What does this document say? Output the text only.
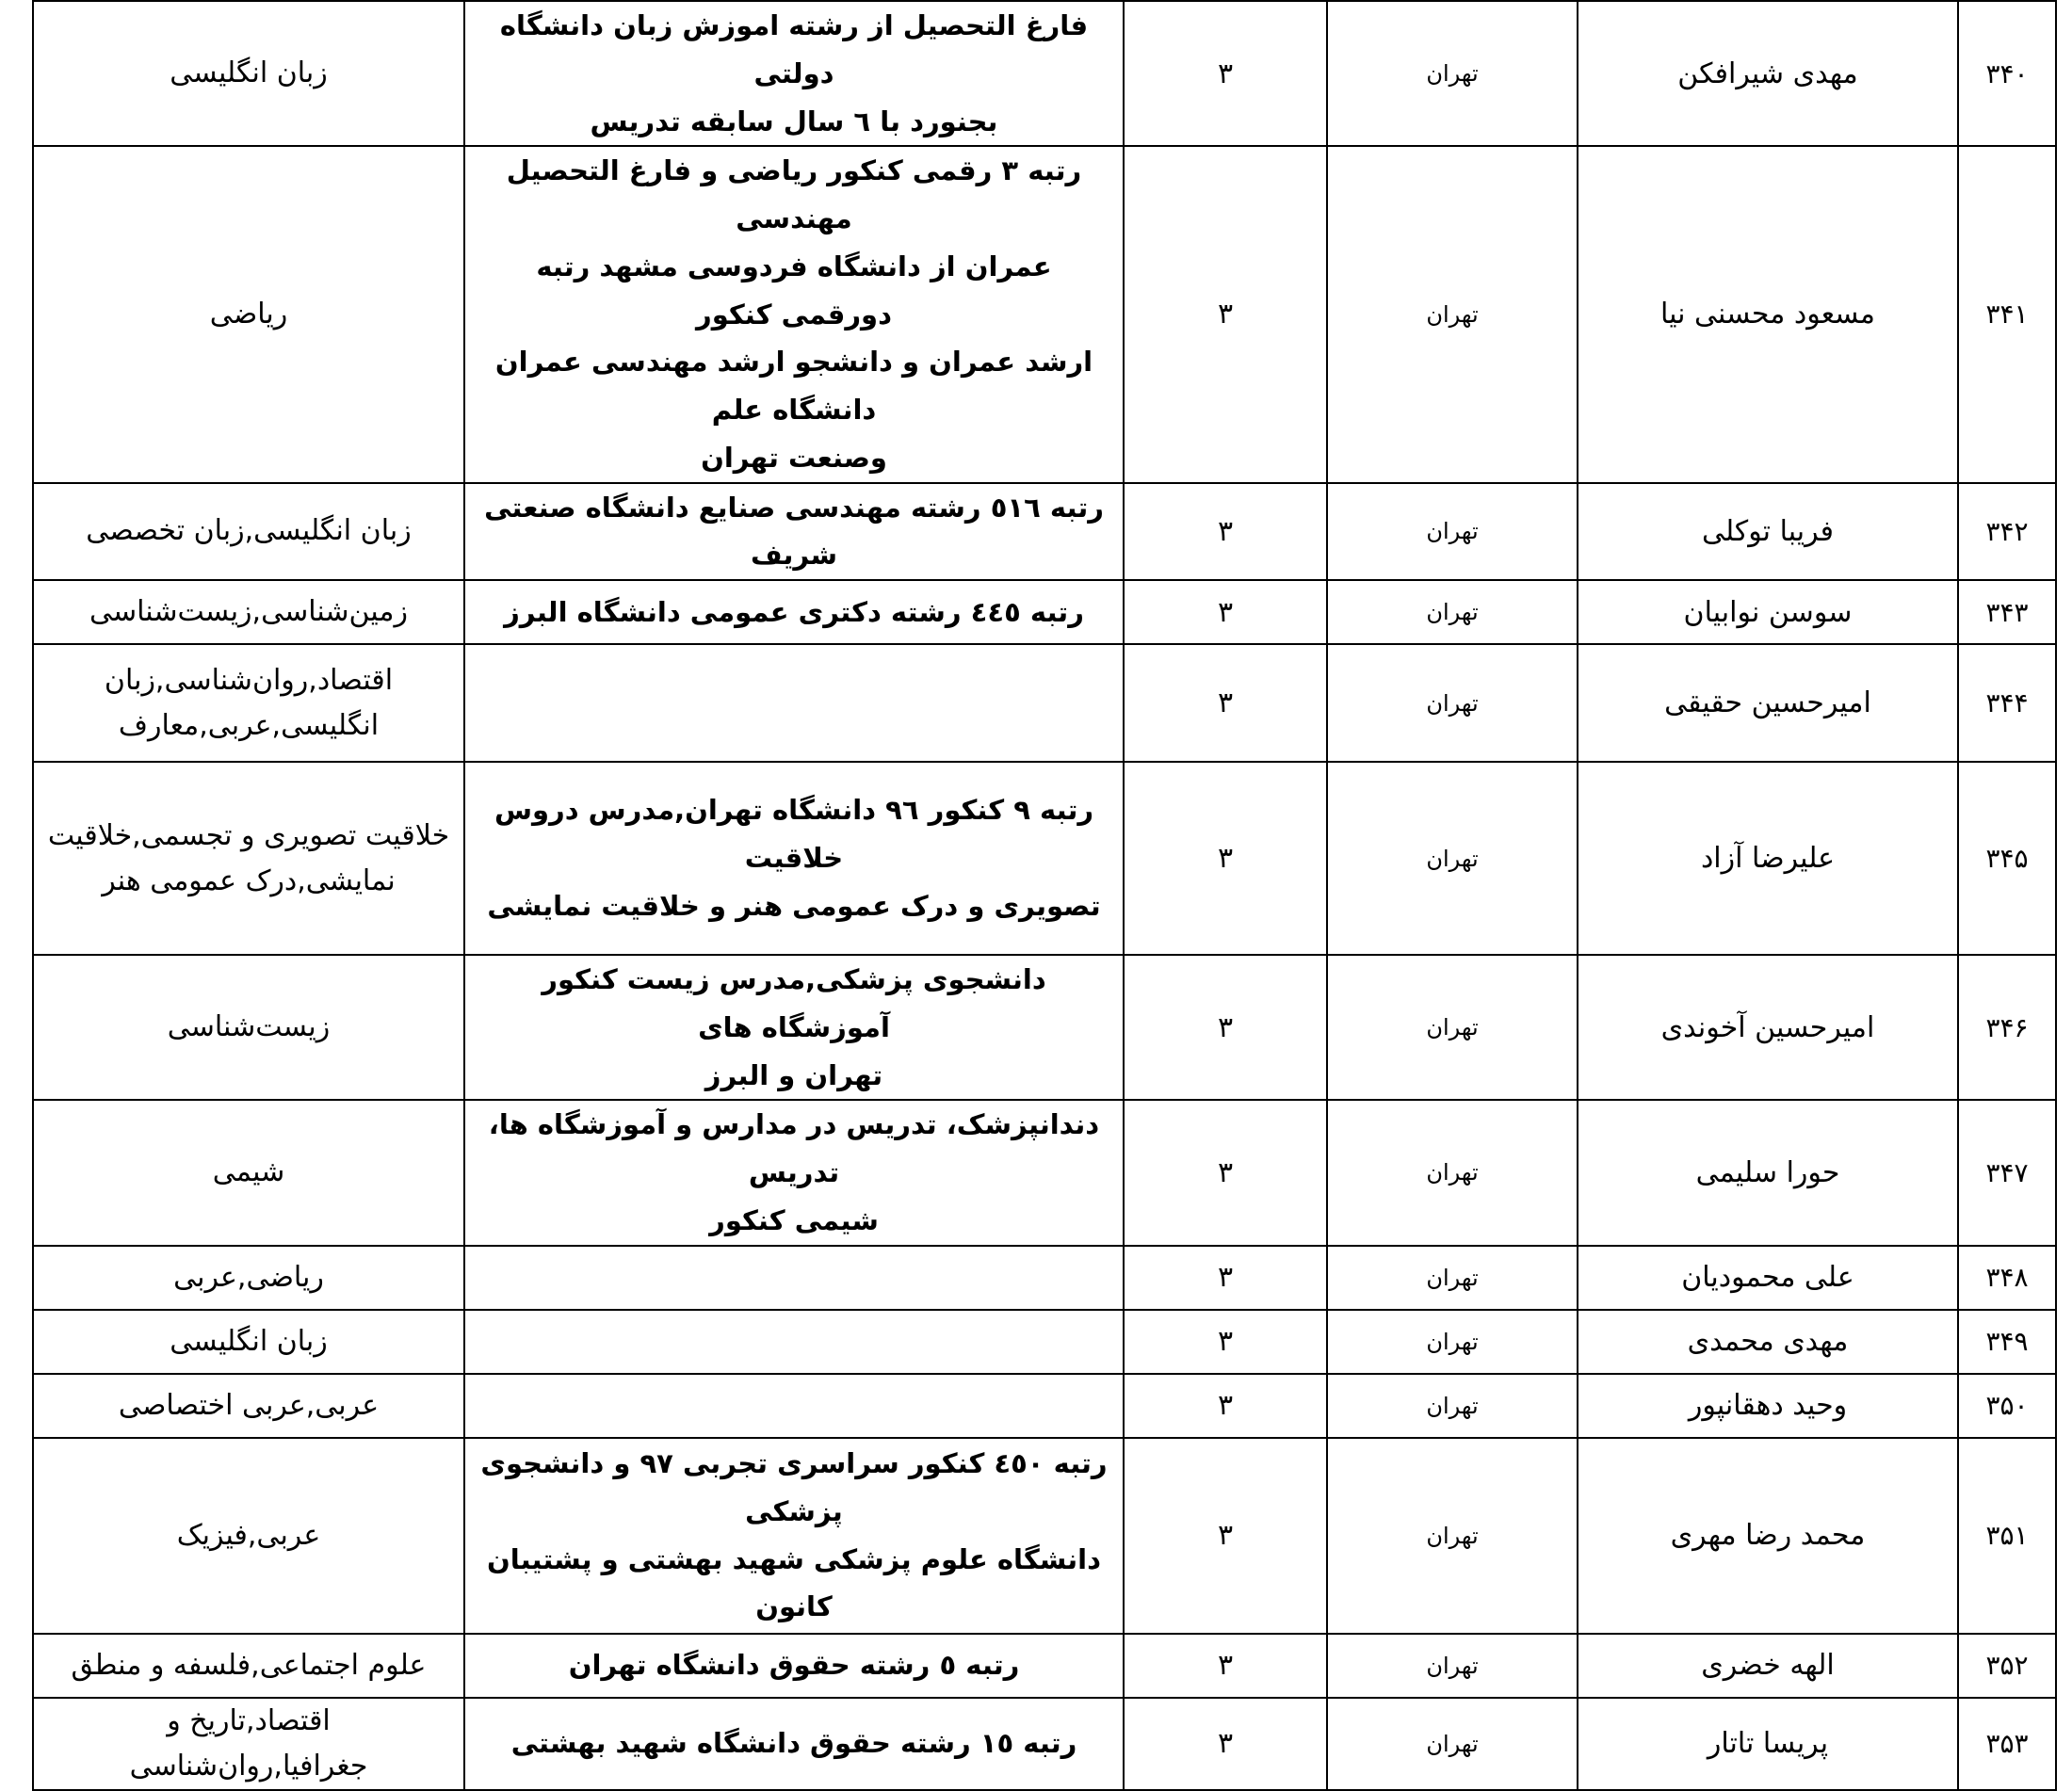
۳۴۰	مهدی شیرافکن	تهران	۳	فارغ التحصیل از رشته اموزش زبان دانشگاه دولتی
بجنورد با ٦ سال سابقه تدریس	زبان انگلیسی

۳۴۱	مسعود محسنی نیا	تهران	۳	رتبه ۳ رقمی کنکور ریاضی و فارغ التحصیل مهندسی
عمران از دانشگاه فردوسی مشهد رتبه دورقمی کنکور
ارشد عمران و دانشجو ارشد مهندسی عمران دانشگاه علم
وصنعت تهران	ریاضی

۳۴۲	فریبا توکلی	تهران	۳	رتبه ٥١٦ رشته مهندسی صنایع دانشگاه صنعتی شریف	زبان انگلیسی,زبان تخصصی

۳۴۳	سوسن نوابیان	تهران	۳	رتبه ٤٤٥ رشته دکتری عمومی دانشگاه البرز	زمین‌شناسی,زیست‌شناسی

۳۴۴	امیرحسین حقیقی	تهران	۳		اقتصاد,روان‌شناسی,زبان
انگلیسی,عربی,معارف

۳۴۵	علیرضا آزاد	تهران	۳	رتبه ۹ کنکور ۹٦ دانشگاه تهران,مدرس دروس خلاقیت
تصویری و درک عمومی هنر و خلاقیت نمایشی	خلاقیت تصویری و تجسمی,خلاقیت
نمایشی,درک عمومی هنر

۳۴۶	امیرحسین آخوندی	تهران	۳	دانشجوی پزشکی,مدرس زیست کنکور آموزشگاه های
تهران و البرز	زیست‌شناسی

۳۴۷	حورا سلیمی	تهران	۳	دندانپزشک، تدریس در مدارس و آموزشگاه ها، تدریس
شیمی کنکور	شیمی

۳۴۸	علی محمودیان	تهران	۳		ریاضی,عربی

۳۴۹	مهدی محمدی	تهران	۳		زبان انگلیسی

۳۵۰	وحید دهقانپور	تهران	۳		عربی,عربی اختصاصی

۳۵۱	محمد رضا مهری	تهران	۳	رتبه ٤٥٠ کنکور سراسری تجربی ۹۷ و دانشجوی پزشکی
دانشگاه علوم پزشکی شهید بهشتی و پشتیبان کانون	عربی,فیزیک

۳۵۲	الهه خضری	تهران	۳	رتبه ٥ رشته حقوق دانشگاه تهران	علوم اجتماعی,فلسفه و منطق

۳۵۳	پریسا تاتار	تهران	۳	رتبه ١٥ رشته حقوق دانشگاه شهید بهشتی	اقتصاد,تاریخ و جغرافیا,روان‌شناسی
